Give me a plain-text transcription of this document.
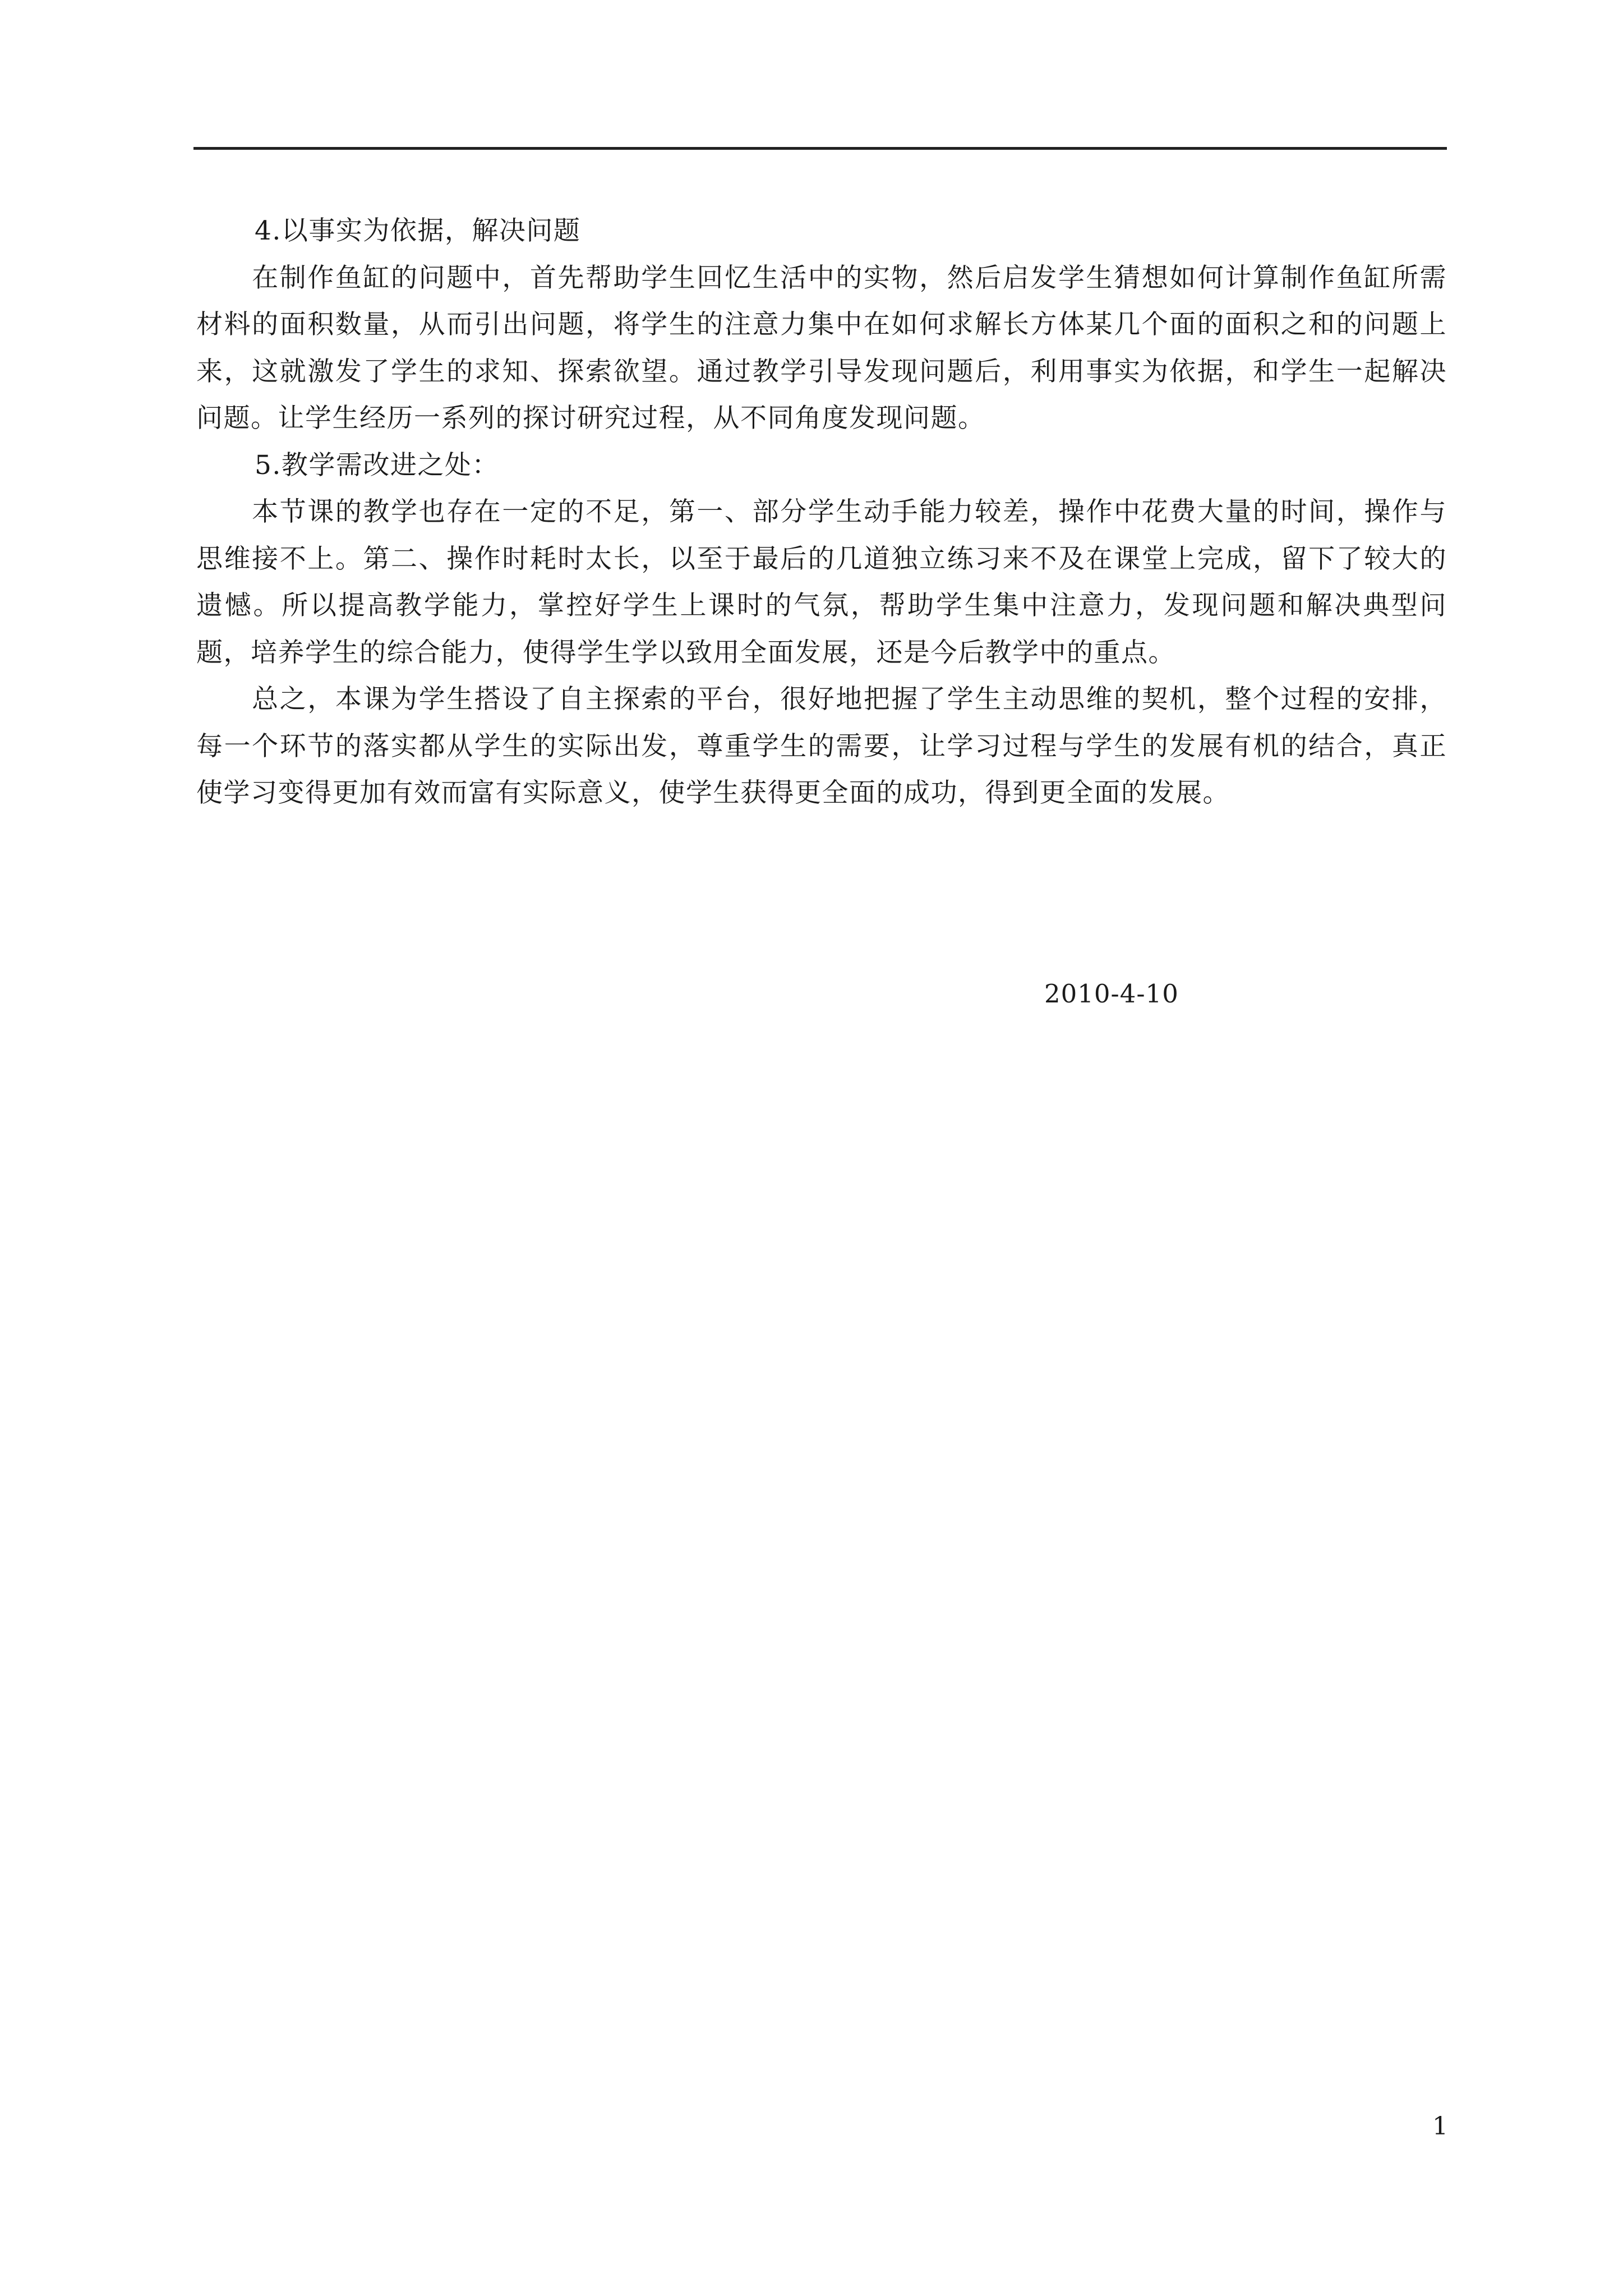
4.以事实为依据，解决问题

　　在制作鱼缸的问题中，首先帮助学生回忆生活中的实物，然后启发学生猜想如何计算制作鱼缸所需材料的面积数量，从而引出问题，将学生的注意力集中在如何求解长方体某几个面的面积之和的问题上来，这就激发了学生的求知、探索欲望。通过教学引导发现问题后，利用事实为依据，和学生一起解决问题。让学生经历一系列的探讨研究过程，从不同角度发现问题。

5.教学需改进之处：

　　本节课的教学也存在一定的不足，第一、部分学生动手能力较差，操作中花费大量的时间，操作与思维接不上。第二、操作时耗时太长，以至于最后的几道独立练习来不及在课堂上完成，留下了较大的遗憾。所以提高教学能力，掌控好学生上课时的气氛，帮助学生集中注意力，发现问题和解决典型问题，培养学生的综合能力，使得学生学以致用全面发展，还是今后教学中的重点。

　　总之，本课为学生搭设了自主探索的平台，很好地把握了学生主动思维的契机，整个过程的安排，每一个环节的落实都从学生的实际出发，尊重学生的需要，让学习过程与学生的发展有机的结合，真正使学习变得更加有效而富有实际意义，使学生获得更全面的成功，得到更全面的发展。

2010-4-10
1
